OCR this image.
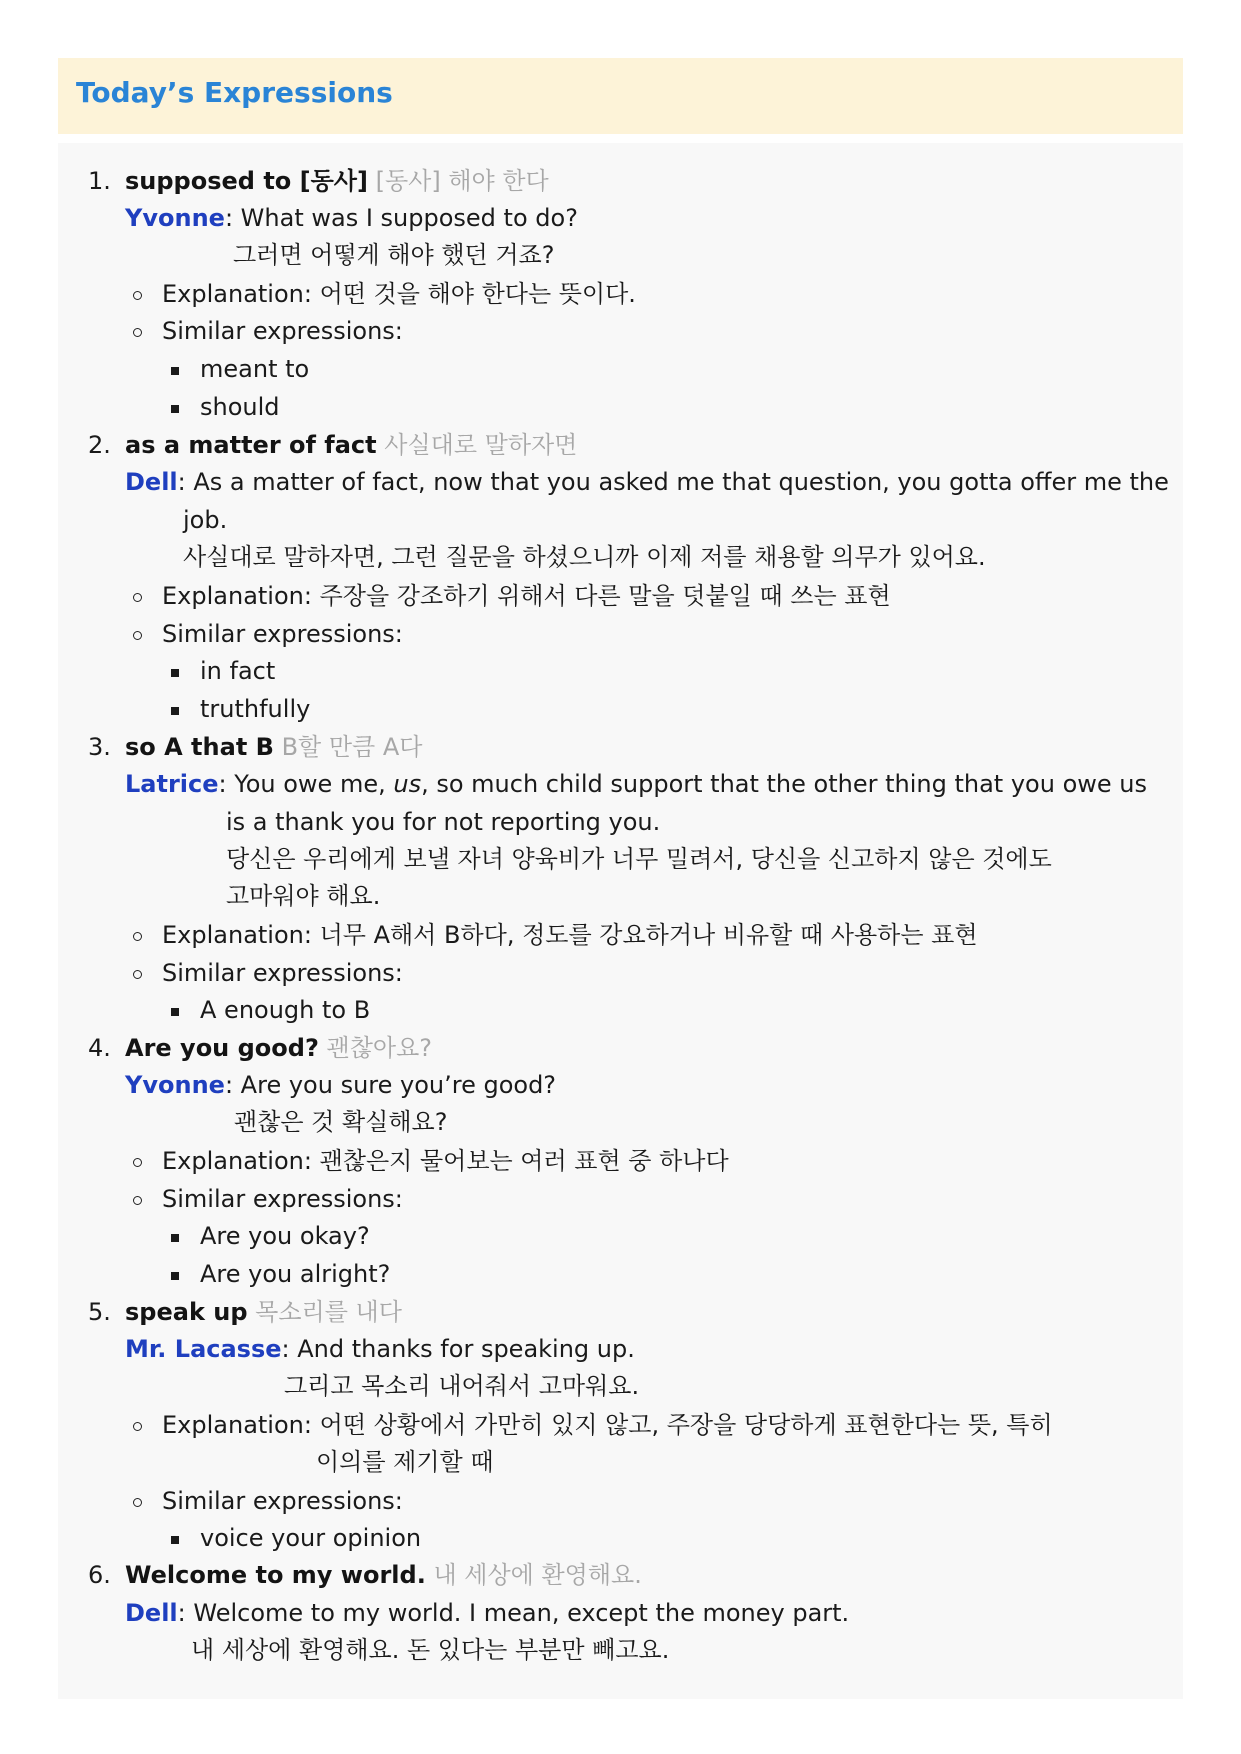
Today’s Expressions
1. supposed to [동사] [동사] 해야 한다
Yvonne: What was I supposed to do?
그러면 어떻게 해야 했던 거죠?
Explanation: 어떤 것을 해야 한다는 뜻이다.
Similar expressions:
meant to
should
2. as a matter of fact 사실대로 말하자면
Dell: As a matter of fact, now that you asked me that question, you gotta offer me the
job.
사실대로 말하자면, 그런 질문을 하셨으니까 이제 저를 채용할 의무가 있어요.
Explanation: 주장을 강조하기 위해서 다른 말을 덧붙일 때 쓰는 표현
Similar expressions:
in fact
truthfully
3. so A that B B할 만큼 A다
Latrice: You owe me, us, so much child support that the other thing that you owe us
is a thank you for not reporting you.
당신은 우리에게 보낼 자녀 양육비가 너무 밀려서, 당신을 신고하지 않은 것에도
고마워야 해요.
Explanation: 너무 A해서 B하다, 정도를 강요하거나 비유할 때 사용하는 표현
Similar expressions:
A enough to B
4. Are you good? 괜찮아요?
Yvonne: Are you sure you’re good?
괜찮은 것 확실해요?
Explanation: 괜찮은지 물어보는 여러 표현 중 하나다
Similar expressions:
Are you okay?
Are you alright?
5. speak up 목소리를 내다
Mr. Lacasse: And thanks for speaking up.
그리고 목소리 내어줘서 고마워요.
Explanation: 어떤 상황에서 가만히 있지 않고, 주장을 당당하게 표현한다는 뜻, 특히
이의를 제기할 때
Similar expressions:
voice your opinion
6. Welcome to my world. 내 세상에 환영해요.
Dell: Welcome to my world. I mean, except the money part.
내 세상에 환영해요. 돈 있다는 부분만 빼고요.
